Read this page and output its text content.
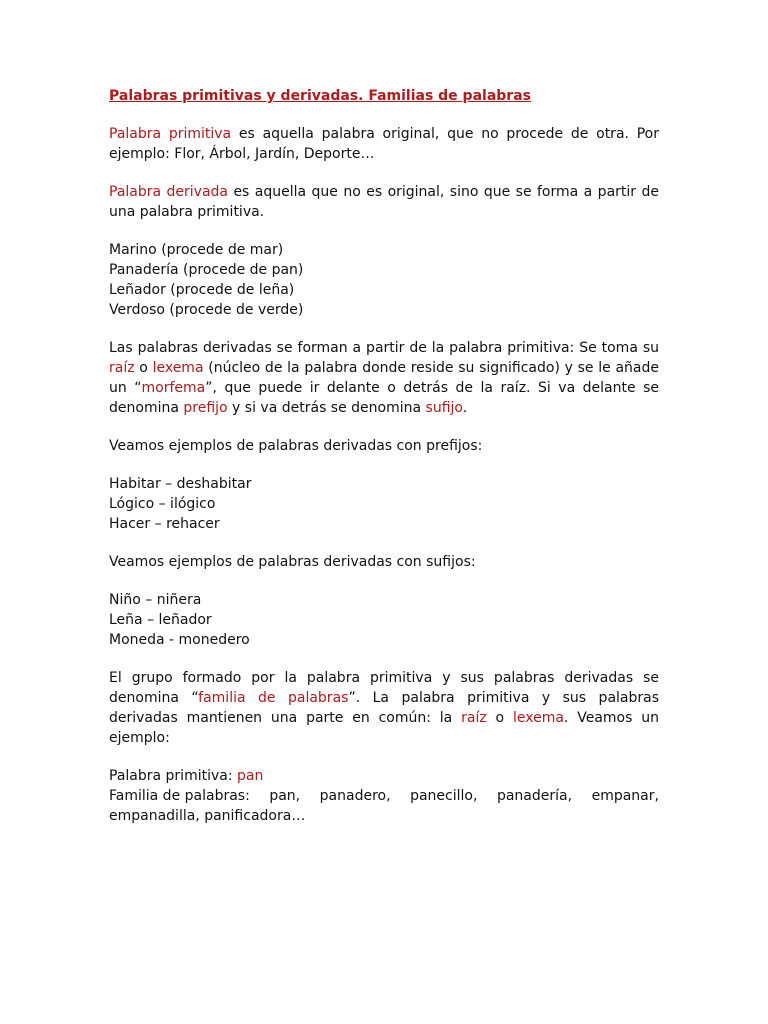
Palabras primitivas y derivadas. Familias de palabras
Palabra primitiva es aquella palabra original, que no procede de otra. Por ejemplo: Flor, Árbol, Jardín, Deporte…
Palabra derivada es aquella que no es original, sino que se forma a partir de una palabra primitiva.
Marino (procede de mar)
Panadería (procede de pan)
Leñador (procede de leña)
Verdoso (procede de verde)
Las palabras derivadas se forman a partir de la palabra primitiva: Se toma su raíz o lexema (núcleo de la palabra donde reside su significado) y se le añade un “morfema”, que puede ir delante o detrás de la raíz. Si va delante se denomina prefijo y si va detrás se denomina sufijo.
Veamos ejemplos de palabras derivadas con prefijos:
Habitar – deshabitar
Lógico – ilógico
Hacer – rehacer
Veamos ejemplos de palabras derivadas con sufijos:
Niño – niñera
Leña – leñador
Moneda - monedero
El grupo formado por la palabra primitiva y sus palabras derivadas se denomina “familia de palabras”. La palabra primitiva y sus palabras derivadas mantienen una parte en común: la raíz o lexema. Veamos un ejemplo:
Palabra primitiva: pan
Familia de palabras: pan, panadero, panecillo, panadería, empanar,
empanadilla, panificadora…
